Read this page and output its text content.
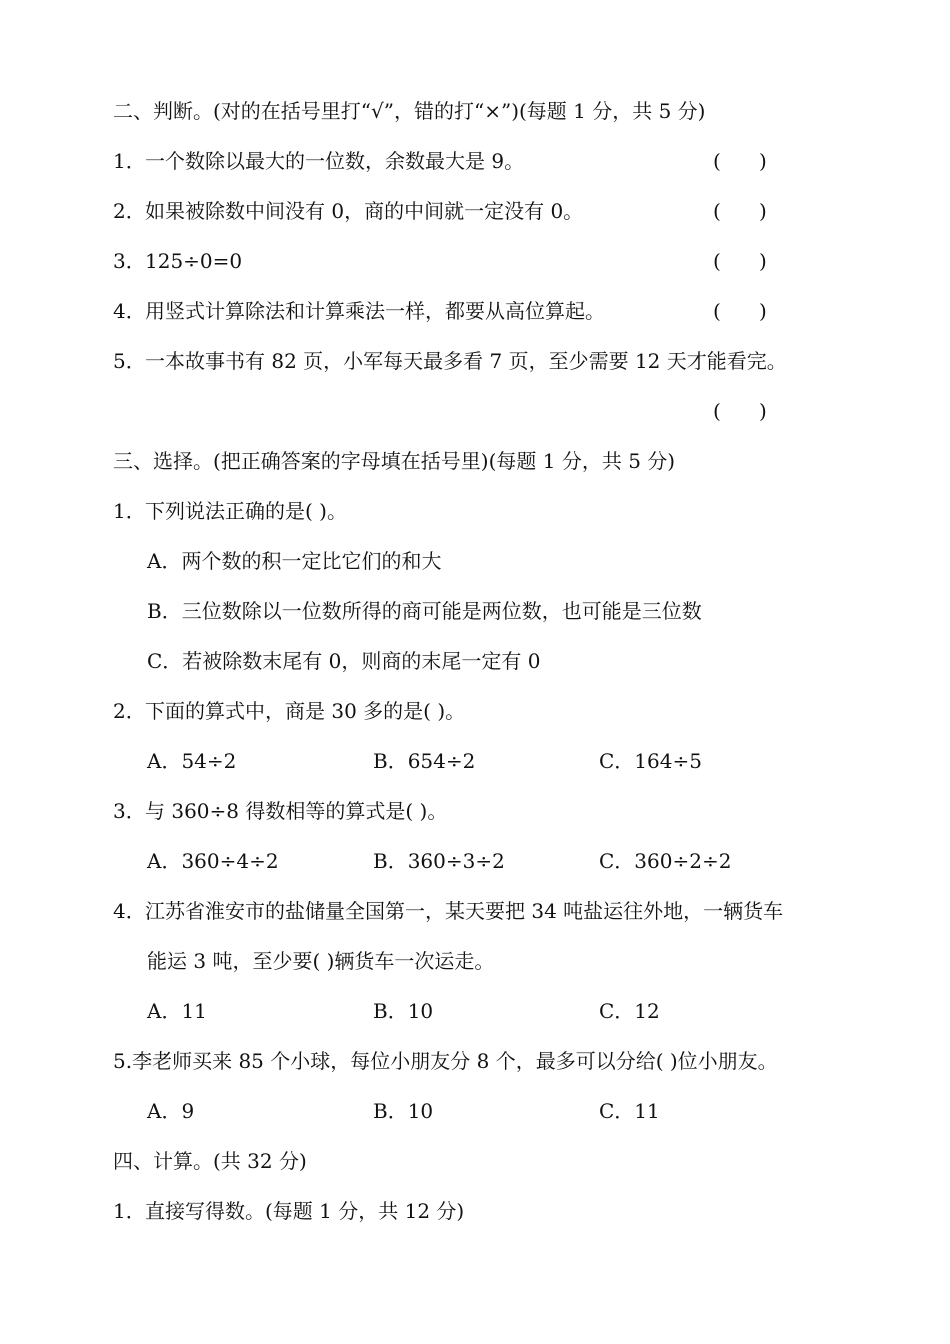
二、判断。(对的在括号里打“√”，错的打“×”)(每题 1 分，共 5 分)
1．一个数除以最大的一位数，余数最大是 9。	(      )
2．如果被除数中间没有 0，商的中间就一定没有 0。	(      )
3．125÷0=0	(      )
4．用竖式计算除法和计算乘法一样，都要从高位算起。	(      )
5．一本故事书有 82 页，小军每天最多看 7 页，至少需要 12 天才能看完。
(      )
三、选择。(把正确答案的字母填在括号里)(每题 1 分，共 5 分)
1．下列说法正确的是( )。
A．两个数的积一定比它们的和大
B．三位数除以一位数所得的商可能是两位数，也可能是三位数
C．若被除数末尾有 0，则商的末尾一定有 0
2．下面的算式中，商是 30 多的是( )。
A．54÷2	B．654÷2	C．164÷5
3．与 360÷8 得数相等的算式是( )。
A．360÷4÷2	B．360÷3÷2	C．360÷2÷2
4．江苏省淮安市的盐储量全国第一，某天要把 34 吨盐运往外地，一辆货车
能运 3 吨，至少要( )辆货车一次运走。
A．11	B．10	C．12
5.李老师买来 85 个小球，每位小朋友分 8 个，最多可以分给( )位小朋友。
A．9	B．10	C．11
四、计算。(共 32 分)
1．直接写得数。(每题 1 分，共 12 分)
